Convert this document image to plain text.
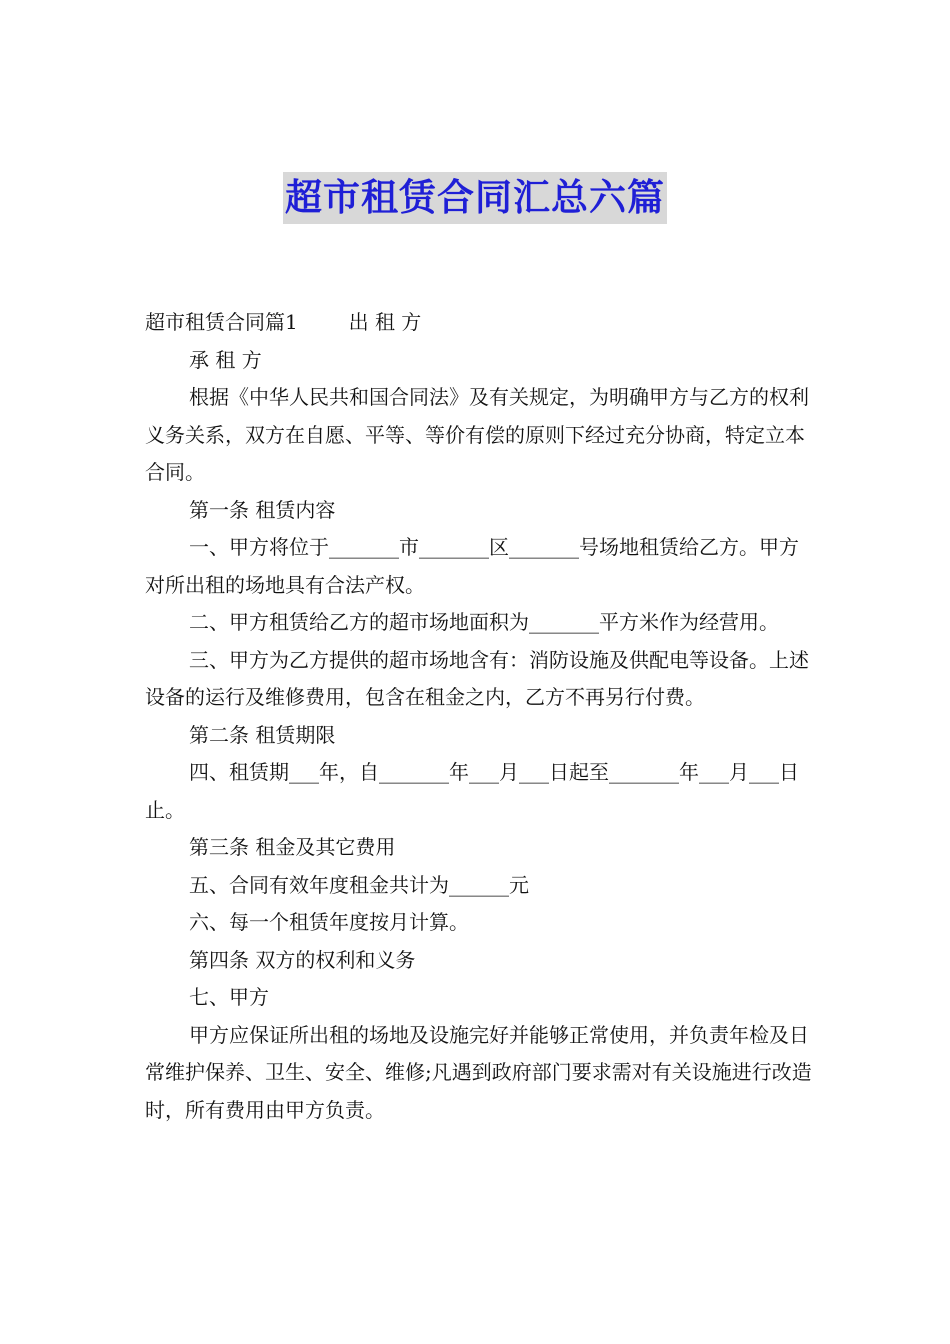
超市租赁合同汇总六篇

超市租赁合同篇1        出 租 方

承 租 方

根据《中华人民共和国合同法》及有关规定，为明确甲方与乙方的权利义务关系，双方在自愿、平等、等价有偿的原则下经过充分协商，特定立本合同。

第一条 租赁内容

一、甲方将位于_______市_______区_______号场地租赁给乙方。甲方对所出租的场地具有合法产权。

二、甲方租赁给乙方的超市场地面积为_______平方米作为经营用。

三、甲方为乙方提供的超市场地含有：消防设施及供配电等设备。上述设备的运行及维修费用，包含在租金之内，乙方不再另行付费。

第二条 租赁期限

四、租赁期___年，自_______年___月___日起至_______年___月___日止。

第三条 租金及其它费用

五、合同有效年度租金共计为______元

六、每一个租赁年度按月计算。

第四条 双方的权利和义务

七、甲方

甲方应保证所出租的场地及设施完好并能够正常使用，并负责年检及日常维护保养、卫生、安全、维修;凡遇到政府部门要求需对有关设施进行改造时，所有费用由甲方负责。
